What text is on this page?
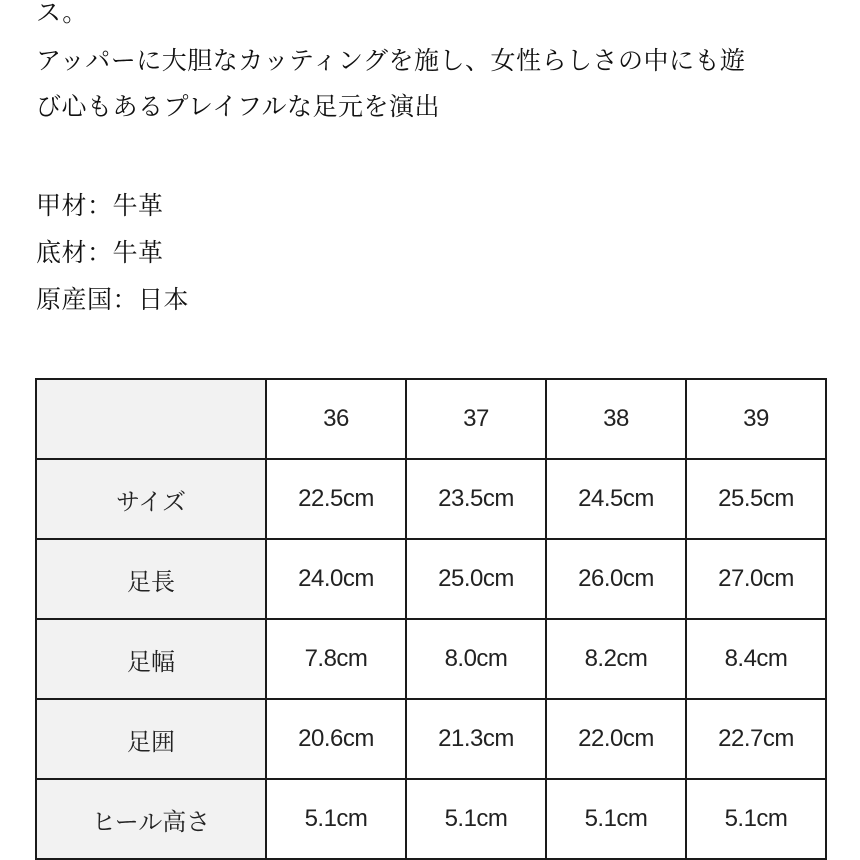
ス。
アッパーに大胆なカッティングを施し、女性らしさの中にも遊
び心もあるプレイフルな足元を演出
甲材：牛革
底材：牛革
原産国：日本
	36	37	38	39
サイズ	22.5cm	23.5cm	24.5cm	25.5cm
足長	24.0cm	25.0cm	26.0cm	27.0cm
足幅	7.8cm	8.0cm	8.2cm	8.4cm
足囲	20.6cm	21.3cm	22.0cm	22.7cm
ヒール高さ	5.1cm	5.1cm	5.1cm	5.1cm
